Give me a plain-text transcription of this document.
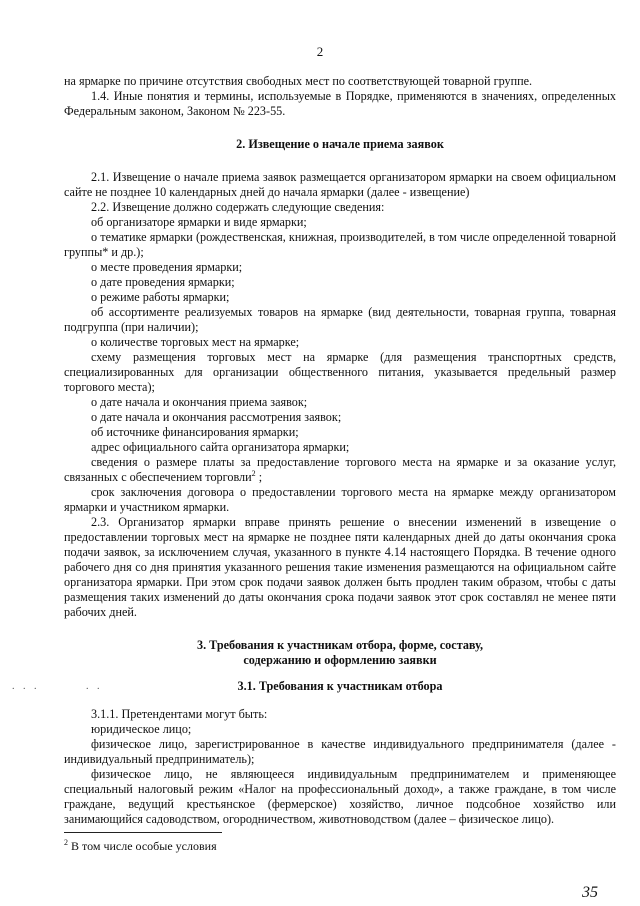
2

на ярмарке по причине отсутствия свободных мест по соответствующей товарной группе.

1.4. Иные понятия и термины, используемые в Порядке, применяются в значениях, определенных Федеральным законом, Законом № 223-55.

2. Извещение о начале приема заявок

2.1. Извещение о начале приема заявок размещается организатором ярмарки на своем официальном сайте не позднее 10 календарных дней до начала ярмарки (далее - извещение)

2.2. Извещение должно содержать следующие сведения:

об организаторе ярмарки и виде ярмарки;

о тематике ярмарки (рождественская, книжная, производителей, в том числе определенной товарной группы* и др.);

о месте проведения ярмарки;

о дате проведения ярмарки;

о режиме работы ярмарки;

об ассортименте реализуемых товаров на ярмарке (вид деятельности, товарная группа, товарная подгруппа (при наличии);

о количестве торговых мест на ярмарке;

схему размещения торговых мест на ярмарке (для размещения транспортных средств, специализированных для организации общественного питания, указывается предельный размер торгового места);

о дате начала и окончания приема заявок;

о дате начала и окончания рассмотрения заявок;

об источнике финансирования ярмарки;

адрес официального сайта организатора ярмарки;

сведения о размере платы за предоставление торгового места на ярмарке и за оказание услуг, связанных с обеспечением торговли$^2$ ;

срок заключения договора о предоставлении торгового места на ярмарке между организатором ярмарки и участником ярмарки.

2.3. Организатор ярмарки вправе принять решение о внесении изменений в извещение о предоставлении торговых мест на ярмарке не позднее пяти календарных дней до даты окончания срока подачи заявок, за исключением случая, указанного в пункте 4.14 настоящего Порядка. В течение одного рабочего дня со дня принятия указанного решения такие изменения размещаются на официальном сайте организатора ярмарки. При этом срок подачи заявок должен быть продлен таким образом, чтобы с даты размещения таких изменений до даты окончания срока подачи заявок этот срок составлял не менее пяти рабочих дней.

3. Требования к участникам отбора, форме, составу,
содержанию и оформлению заявки
. . .	. .	3.1. Требования к участникам отбора

3.1.1. Претендентами могут быть:

юридическое лицо;

физическое лицо, зарегистрированное в качестве индивидуального предпринимателя (далее - индивидуальный предприниматель);

физическое лицо, не являющееся индивидуальным предпринимателем и применяющее специальный налоговый режим «Налог на профессиональный доход», а также граждане, в том числе граждане, ведущий крестьянское (фермерское) хозяйство, личное подсобное хозяйство или занимающийся садоводством, огородничеством, животноводством (далее – физическое лицо).

$^2$ В том числе особые условия
35
